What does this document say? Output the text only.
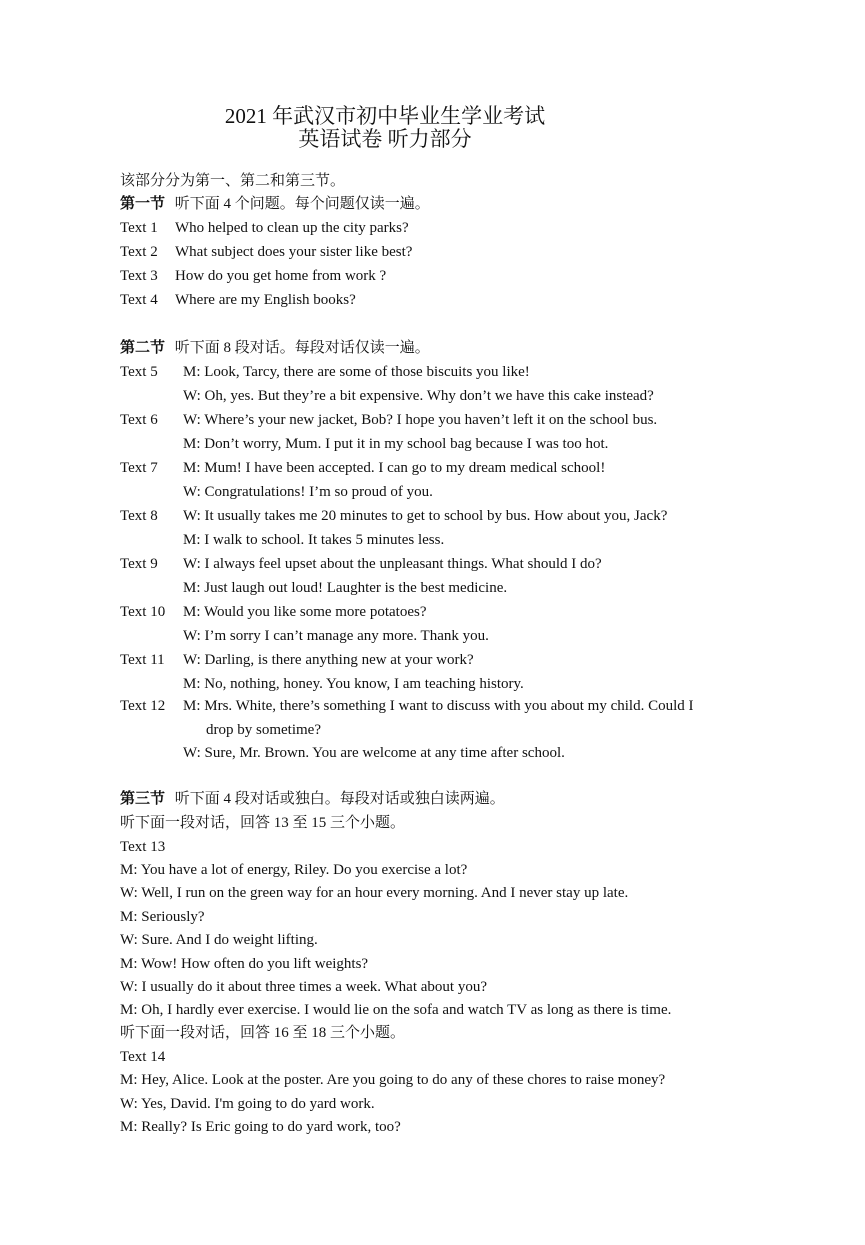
2021 年武汉市初中毕业生学业考试
英语试卷 听力部分
该部分分为第一、第二和第三节。
第一节 听下面 4 个问题。每个问题仅读一遍。
Text 1 Who helped to clean up the city parks?
Text 2 What subject does your sister like best?
Text 3 How do you get home from work ?
Text 4 Where are my English books?
第二节 听下面 8 段对话。每段对话仅读一遍。
Text 5 M: Look, Tarcy, there are some of those biscuits you like!
W: Oh, yes. But they’re a bit expensive. Why don’t we have this cake instead?
Text 6 W: Where’s your new jacket, Bob? I hope you haven’t left it on the school bus.
M: Don’t worry, Mum. I put it in my school bag because I was too hot.
Text 7 M: Mum! I have been accepted. I can go to my dream medical school!
W: Congratulations! I’m so proud of you.
Text 8 W: It usually takes me 20 minutes to get to school by bus. How about you, Jack?
M: I walk to school. It takes 5 minutes less.
Text 9 W: I always feel upset about the unpleasant things. What should I do?
M: Just laugh out loud! Laughter is the best medicine.
Text 10 M: Would you like some more potatoes?
W: I’m sorry I can’t manage any more. Thank you.
Text 11 W: Darling, is there anything new at your work?
M: No, nothing, honey. You know, I am teaching history.
Text 12 M: Mrs. White, there’s something I want to discuss with you about my child. Could I
drop by sometime?
W: Sure, Mr. Brown. You are welcome at any time after school.
第三节 听下面 4 段对话或独白。每段对话或独白读两遍。
听下面一段对话，回答 13 至 15 三个小题。
Text 13
M: You have a lot of energy, Riley. Do you exercise a lot?
W: Well, I run on the green way for an hour every morning. And I never stay up late.
M: Seriously?
W: Sure. And I do weight lifting.
M: Wow! How often do you lift weights?
W: I usually do it about three times a week. What about you?
M: Oh, I hardly ever exercise. I would lie on the sofa and watch TV as long as there is time.
听下面一段对话，回答 16 至 18 三个小题。
Text 14
M: Hey, Alice. Look at the poster. Are you going to do any of these chores to raise money?
W: Yes, David. I'm going to do yard work.
M: Really? Is Eric going to do yard work, too?
